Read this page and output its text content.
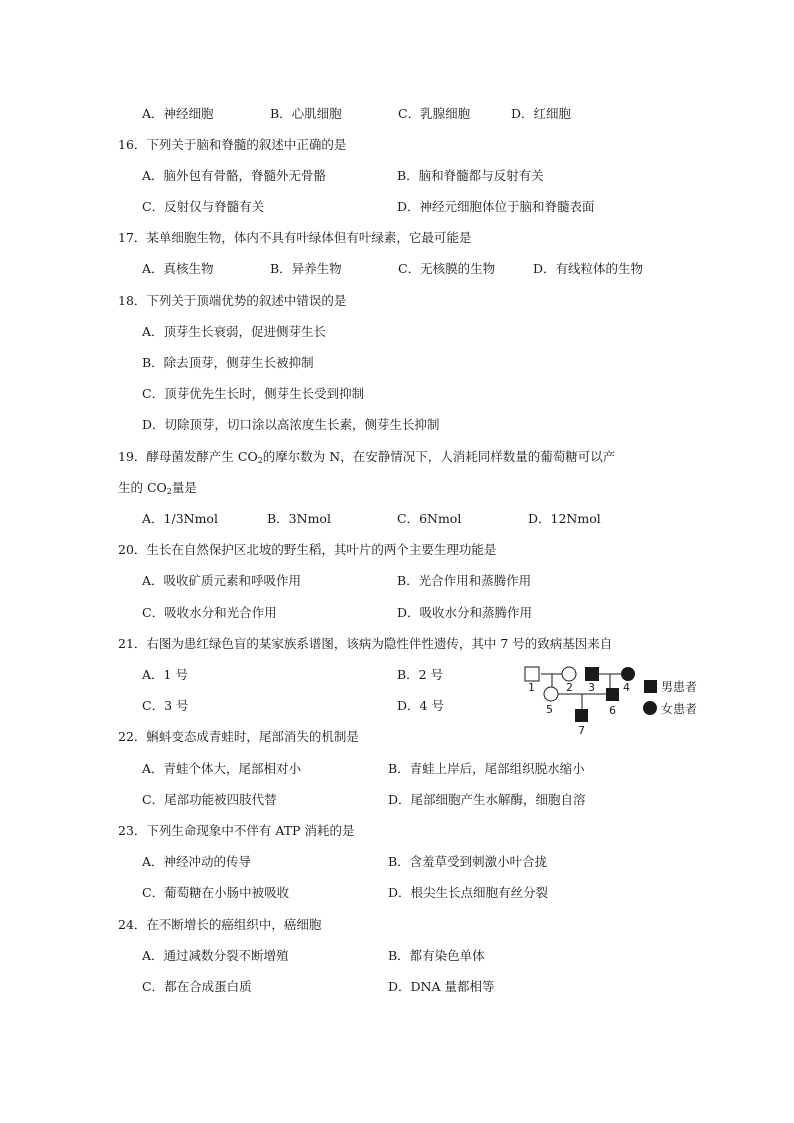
A．神经细胞	B．心肌细胞	C．乳腺细胞	D．红细胞
16．下列关于脑和脊髓的叙述中正确的是
A．脑外包有骨骼，脊髓外无骨骼	B．脑和脊髓都与反射有关
C．反射仅与脊髓有关	D．神经元细胞体位于脑和脊髓表面
17．某单细胞生物，体内不具有叶绿体但有叶绿素，它最可能是
A．真核生物	B．异养生物	C．无核膜的生物	D．有线粒体的生物
18．下列关于顶端优势的叙述中错误的是
A．顶芽生长衰弱，促进侧芽生长
B．除去顶芽，侧芽生长被抑制
C．顶芽优先生长时，侧芽生长受到抑制
D．切除顶芽，切口涂以高浓度生长素，侧芽生长抑制
19．酵母菌发酵产生 $CO_2$的摩尔数为 N，在安静情况下，人消耗同样数量的葡萄糖可以产
生的 $CO_2$量是
A．1/3Nmol	B．3Nmol	C．6Nmol	D．12Nmol
20．生长在自然保护区北坡的野生稻，其叶片的两个主要生理功能是
A．吸收矿质元素和呼吸作用	B．光合作用和蒸腾作用
C．吸收水分和光合作用	D．吸收水分和蒸腾作用
21．右图为患红绿色盲的某家族系谱图，该病为隐性伴性遗传，其中 7 号的致病基因来自
A．1 号	B．2 号
C．3 号	D．4 号
1	2 3	4
5	6
7
男患者
女患者
22．蝌蚪变态成青蛙时，尾部消失的机制是
A．青蛙个体大，尾部相对小	B．青蛙上岸后，尾部组织脱水缩小
C．尾部功能被四肢代替	D．尾部细胞产生水解酶，细胞自溶
23．下列生命现象中不伴有 ATP 消耗的是
A．神经冲动的传导	B．含羞草受到刺激小叶合拢
C．葡萄糖在小肠中被吸收	D．根尖生长点细胞有丝分裂
24．在不断增长的癌组织中，癌细胞
A．通过减数分裂不断增殖	B．都有染色单体
C．都在合成蛋白质	D．DNA 量都相等
